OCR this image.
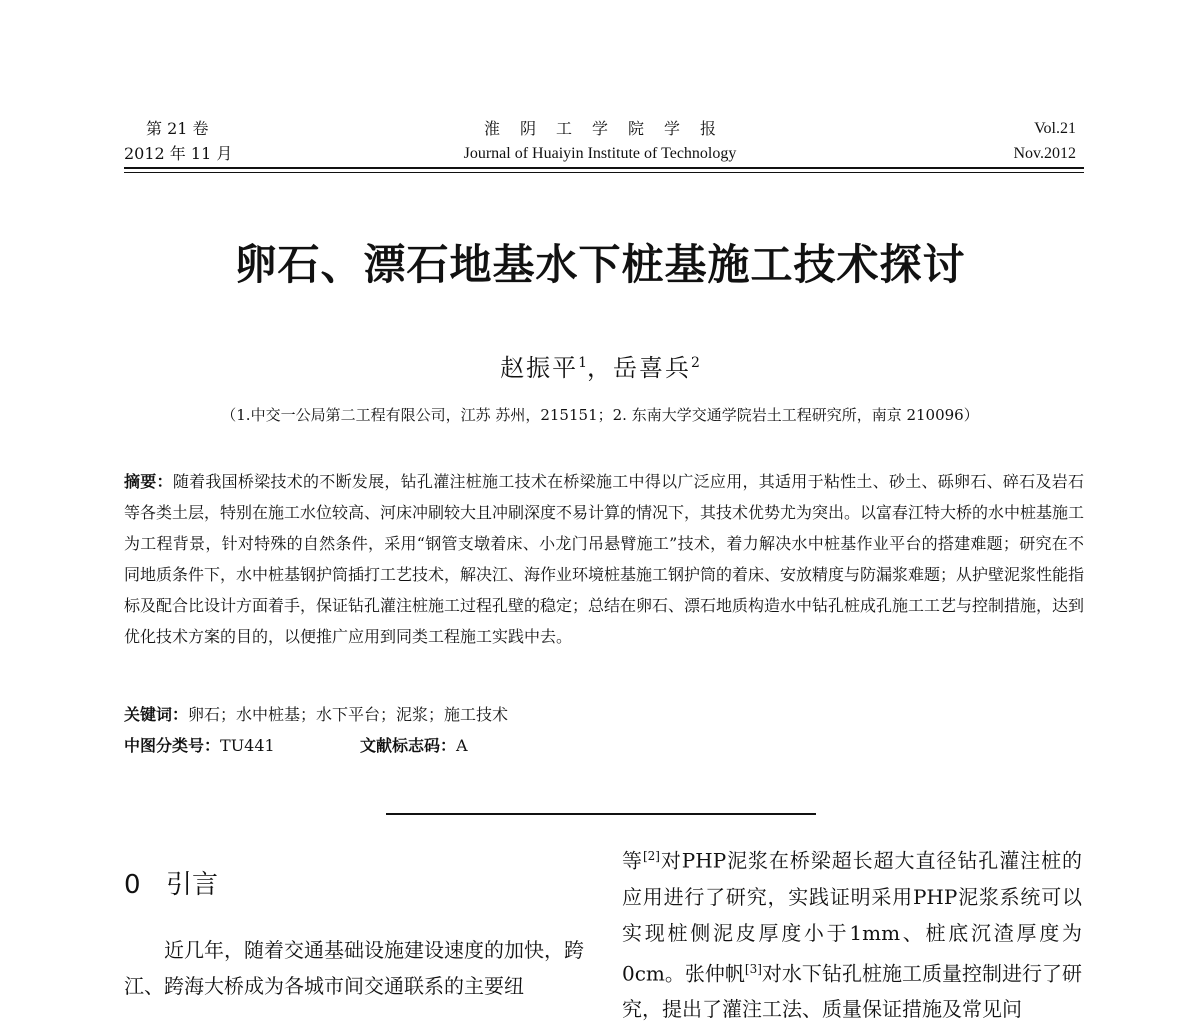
第 21 卷
2012 年 11 月
淮阴工学院学报
Journal of Huaiyin Institute of Technology
Vol.21
Nov.2012
卵石、漂石地基水下桩基施工技术探讨
赵振平$^1$，岳喜兵$^2$
（1.中交一公局第二工程有限公司，江苏 苏州，215151；2. 东南大学交通学院岩土工程研究所，南京 210096）
摘要：随着我国桥梁技术的不断发展，钻孔灌注桩施工技术在桥梁施工中得以广泛应用，其适用于粘性土、砂土、砾卵石、碎石及岩石等各类土层，特别在施工水位较高、河床冲刷较大且冲刷深度不易计算的情况下，其技术优势尤为突出。以富春江特大桥的水中桩基施工为工程背景，针对特殊的自然条件，采用“钢管支墩着床、小龙门吊悬臂施工”技术，着力解决水中桩基作业平台的搭建难题；研究在不同地质条件下，水中桩基钢护筒插打工艺技术，解决江、海作业环境桩基施工钢护筒的着床、安放精度与防漏浆难题；从护壁泥浆性能指标及配合比设计方面着手，保证钻孔灌注桩施工过程孔壁的稳定；总结在卵石、漂石地质构造水中钻孔桩成孔施工工艺与控制措施，达到优化技术方案的目的，以便推广应用到同类工程施工实践中去。
关键词：卵石；水中桩基；水下平台；泥浆；施工技术
中图分类号：TU441	文献标志码：A
0 引言
近几年，随着交通基础设施建设速度的加快，跨江、跨海大桥成为各城市间交通联系的主要纽
等[2]对PHP泥浆在桥梁超长超大直径钻孔灌注桩的应用进行了研究，实践证明采用PHP泥浆系统可以实现桩侧泥皮厚度小于1mm、桩底沉渣厚度为0cm。张仲帆[3]对水下钻孔桩施工质量控制进行了研究，提出了灌注工法、质量保证措施及常见问
